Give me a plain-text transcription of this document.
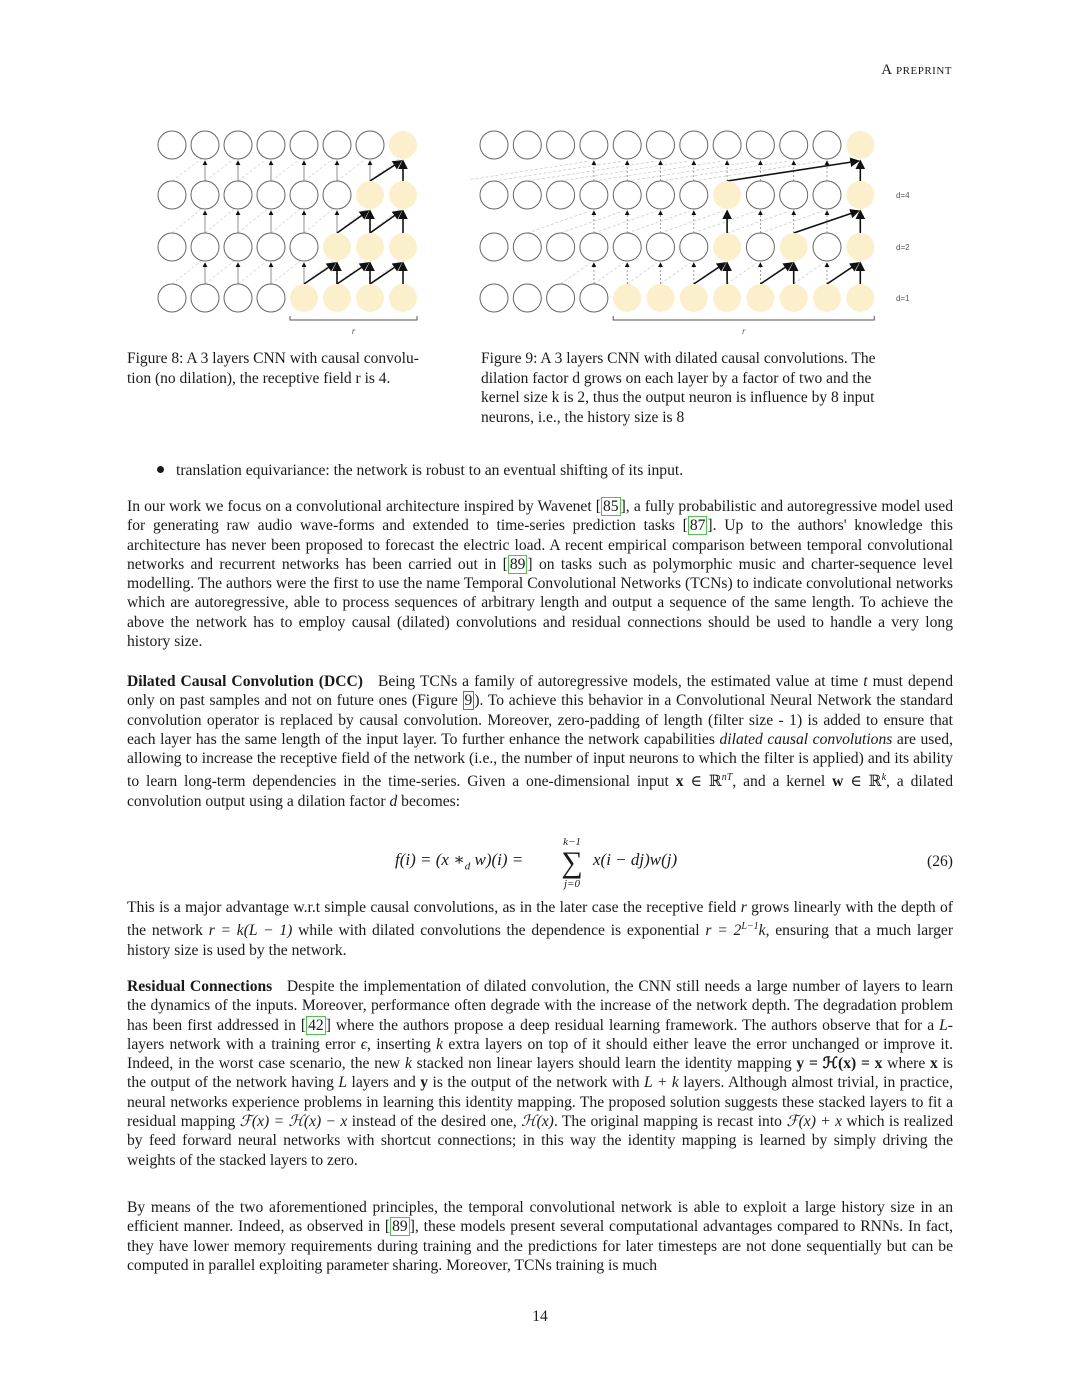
A preprint
r
d=4
d=2
d=1
r
Figure 8: A 3 layers CNN with causal convolu-
tion (no dilation), the receptive field r is 4.
Figure 9: A 3 layers CNN with dilated causal convolutions. The
dilation factor d grows on each layer by a factor of two and the
kernel size k is 2, thus the output neuron is influence by 8 input
neurons, i.e., the history size is 8
translation equivariance: the network is robust to an eventual shifting of its input.

In our work we focus on a convolutional architecture inspired by Wavenet [ 85 ], a fully probabilistic and autoregressive model used for generating raw audio wave-forms and extended to time-series prediction tasks [ 87 ]. Up to the authors' knowledge this architecture has never been proposed to forecast the electric load. A recent empirical comparison between temporal convolutional networks and recurrent networks has been carried out in [ 89 ] on tasks such as polymorphic music and charter-sequence level modelling. The authors were the first to use the name Temporal Convolutional Networks (TCNs) to indicate convolutional networks which are autoregressive, able to process sequences of arbitrary length and output a sequence of the same length. To achieve the above the network has to employ causal (dilated) convolutions and residual connections should be used to handle a very long history size.

Dilated Causal Convolution (DCC) Being TCNs a family of autoregressive models, the estimated value at time t must depend only on past samples and not on future ones (Figure 9 ). To achieve this behavior in a Convolutional Neural Network the standard convolution operator is replaced by causal convolution. Moreover, zero-padding of length (filter size - 1) is added to ensure that each layer has the same length of the input layer. To further enhance the network capabilities dilated causal convolutions are used, allowing to increase the receptive field of the network (i.e., the number of input neurons to which the filter is applied) and its ability to learn long-term dependencies in the time-series. Given a one-dimensional input x ∈ ℝ$^{nT}$, and a kernel w ∈ ℝ$^k$, a dilated convolution output using a dilation factor d becomes:

f(i) = (x $∗_d$ w)(i) =
k−1
∑
j=0
x(i − dj)w(j)	(26)

This is a major advantage w.r.t simple causal convolutions, as in the later case the receptive field r grows linearly with the depth of the network r = k(L − 1) while with dilated convolutions the dependence is exponential $r = 2^{L-1}k$, ensuring that a much larger history size is used by the network.

Residual Connections Despite the implementation of dilated convolution, the CNN still needs a large number of layers to learn the dynamics of the inputs. Moreover, performance often degrade with the increase of the network depth. The degradation problem has been first addressed in [ 42 ] where the authors propose a deep residual learning framework. The authors observe that for a L-layers network with a training error ϵ, inserting k extra layers on top of it should either leave the error unchanged or improve it. Indeed, in the worst case scenario, the new k stacked non linear layers should learn the identity mapping y = ℋ(x) = x where x is the output of the network having L layers and y is the output of the network with L + k layers. Although almost trivial, in practice, neural networks experience problems in learning this identity mapping. The proposed solution suggests these stacked layers to fit a residual mapping ℱ(x) = ℋ(x) − x instead of the desired one, ℋ(x). The original mapping is recast into ℱ(x) + x which is realized by feed forward neural networks with shortcut connections; in this way the identity mapping is learned by simply driving the weights of the stacked layers to zero.

By means of the two aforementioned principles, the temporal convolutional network is able to exploit a large history size in an efficient manner. Indeed, as observed in [ 89 ], these models present several computational advantages compared to RNNs. In fact, they have lower memory requirements during training and the predictions for later timesteps are not done sequentially but can be computed in parallel exploiting parameter sharing. Moreover, TCNs training is much

14
